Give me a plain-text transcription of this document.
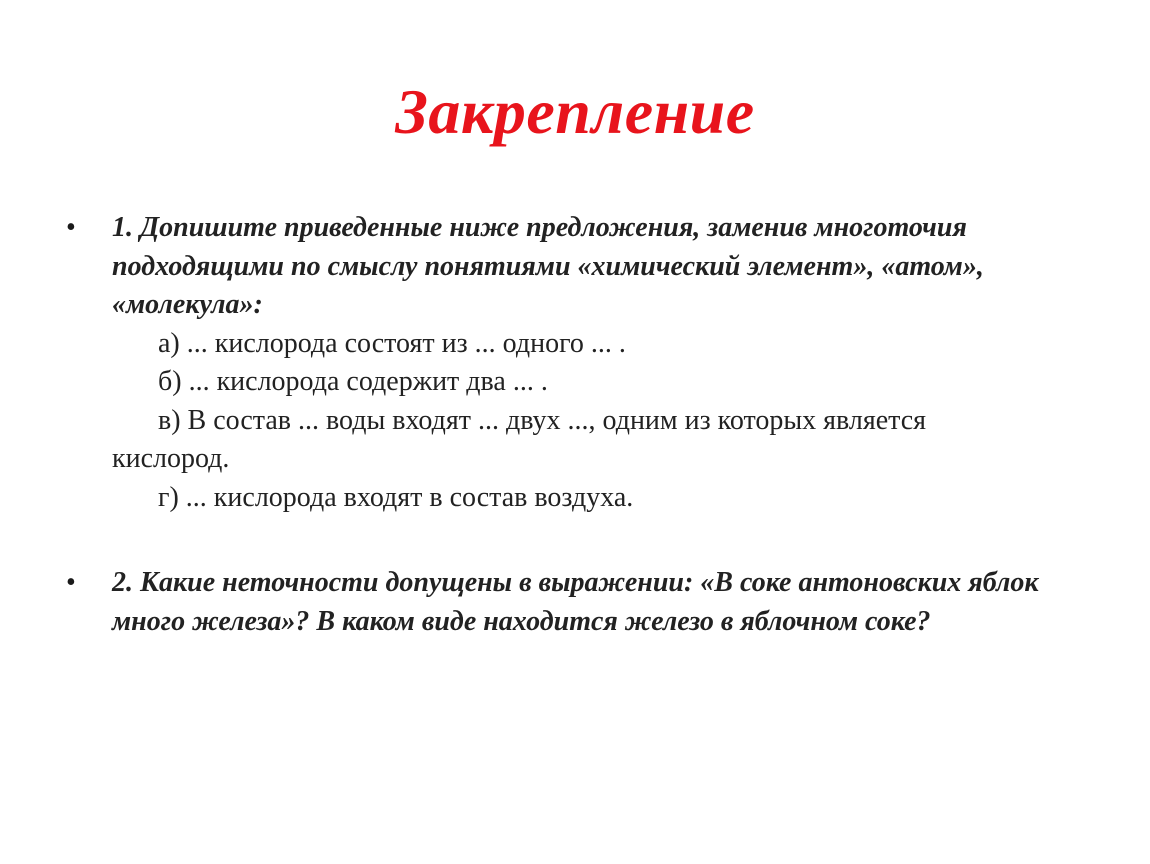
Закрепление
• 1. Допишите приведенные ниже предложения, заменив многоточия подходящими по смыслу понятиями «химический элемент», «атом», «молекула»:
а) ... кислорода состоят из ... одного ... .
б) ... кислорода содержит два ... .
в) В состав ... воды входят ... двух ..., одним из которых является
кислород.
г) ... кислорода входят в состав воздуха.
• 2. Какие неточности допущены в выражении: «В соке антоновских яблок много железа»? В каком виде находится железо в яблочном соке?
